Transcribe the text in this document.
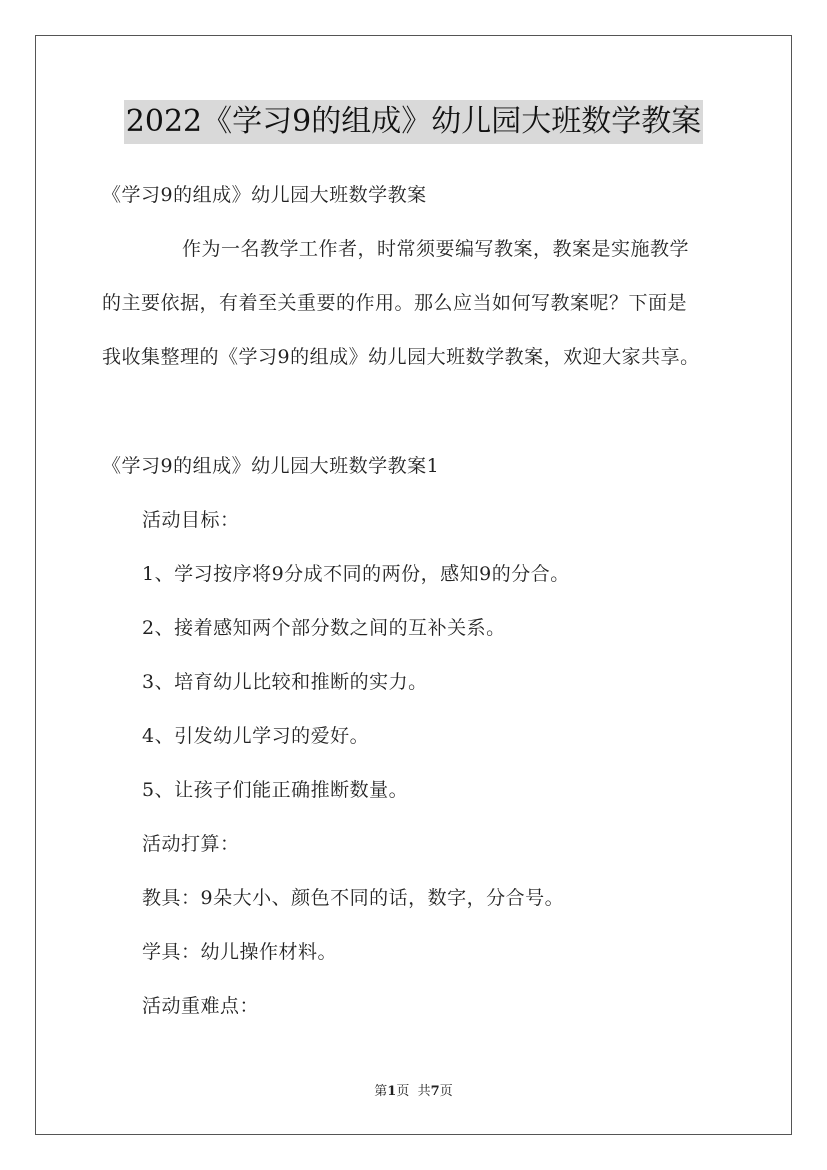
2022《学习9的组成》幼儿园大班数学教案
《学习9的组成》幼儿园大班数学教案
作为一名教学工作者，时常须要编写教案，教案是实施教学
的主要依据，有着至关重要的作用。那么应当如何写教案呢？下面是
我收集整理的《学习9的组成》幼儿园大班数学教案，欢迎大家共享。
《学习9的组成》幼儿园大班数学教案1
活动目标：
1、学习按序将9分成不同的两份，感知9的分合。
2、接着感知两个部分数之间的互补关系。
3、培育幼儿比较和推断的实力。
4、引发幼儿学习的爱好。
5、让孩子们能正确推断数量。
活动打算：
教具：9朵大小、颜色不同的话，数字，分合号。
学具：幼儿操作材料。
活动重难点：
第1页 共7页
